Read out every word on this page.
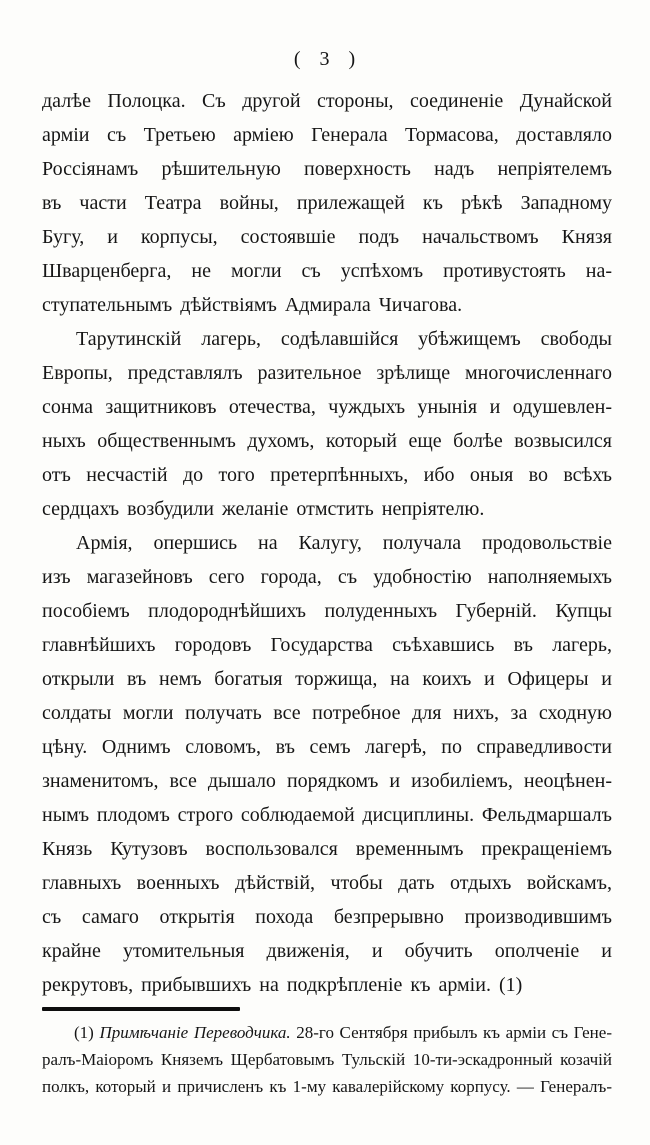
( 3 )
далѣе Полоцка. Съ другой стороны, соединеніе Дунайской
арміи съ Третьею арміею Генерала Тормасова, доставляло
Россіянамъ рѣшительную поверхность надъ непріятелемъ
въ части Театра войны, прилежащей къ рѣкѣ Западному
Бугу, и корпусы, состоявшіе подъ начальствомъ Князя
Шварценберга, не могли съ успѣхомъ противустоять на-
ступательнымъ дѣйствіямъ Адмирала Чичагова.
Тарутинскій лагерь, содѣлавшійся убѣжищемъ свободы
Европы, представлялъ разительное зрѣлище многочисленнаго
сонма защитниковъ отечества, чуждыхъ унынія и одушевлен-
ныхъ общественнымъ духомъ, который еще болѣе возвысился
отъ несчастій до того претерпѣнныхъ, ибо оныя во всѣхъ
сердцахъ возбудили желаніе отмстить непріятелю.
Армія, опершись на Калугу, получала продовольствіе
изъ магазейновъ сего города, съ удобностію наполняемыхъ
пособіемъ плодороднѣйшихъ полуденныхъ Губерній. Купцы
главнѣйшихъ городовъ Государства съѣхавшись въ лагерь,
открыли въ немъ богатыя торжища, на коихъ и Офицеры и
солдаты могли получать все потребное для нихъ, за сходную
цѣну. Однимъ словомъ, въ семъ лагерѣ, по справедливости
знаменитомъ, все дышало порядкомъ и изобиліемъ, неоцѣнен-
нымъ плодомъ строго соблюдаемой дисциплины. Фельдмаршалъ
Князь Кутузовъ воспользовался временнымъ прекращеніемъ
главныхъ военныхъ дѣйствій, чтобы дать отдыхъ войскамъ,
съ самаго открытія похода безпрерывно производившимъ
крайне утомительныя движенія, и обучить ополченіе и
рекрутовъ, прибывшихъ на подкрѣпленіе къ арміи. (1)
(1) Примѣчаніе Переводчика. 28-го Сентября прибылъ къ арміи съ Гене-
ралъ-Маіоромъ Княземъ Щербатовымъ Тульскій 10-ти-эскадронный козачій
полкъ, который и причисленъ къ 1-му кавалерійскому корпусу. — Генералъ-
